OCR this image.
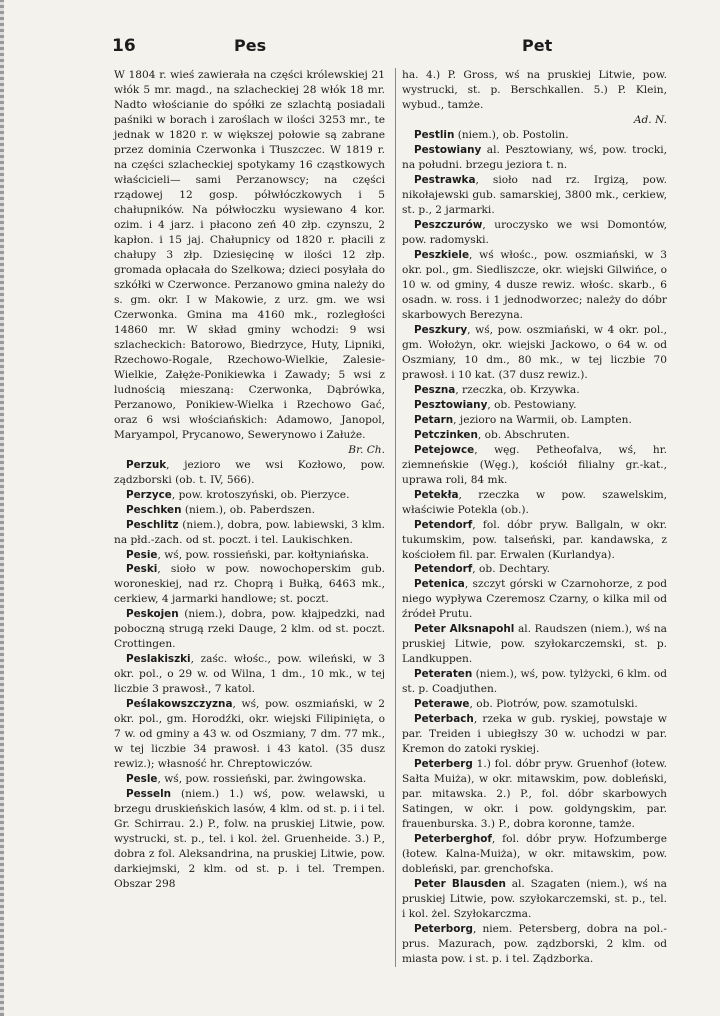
16	Pes	Pet

W 1804 r. wieś zawierała na części królewskiej 21 włók 5 mr. magd., na szlacheckiej 28 włók 18 mr. Nadto włościanie do spółki ze szlachtą posiadali paśniki w borach i zaroślach w ilości 3253 mr., te jednak w 1820 r. w większej połowie są zabrane przez dominia Czerwonka i Tłuszczec. W 1819 r. na części szlacheckiej spotykamy 16 cząstkowych właścicieli— sami Perzanowscy; na części rządowej 12 gosp. półwłóczkowych i 5 chałupników. Na półwłoczku wysiewano 4 kor. ozim. i 4 jarz. i płacono zeń 40 złp. czynszu, 2 kapłon. i 15 jaj. Chałupnicy od 1820 r. płacili z chałupy 3 złp. Dziesięcinę w ilości 12 złp. gromada opłacała do Szelkowa; dzieci posyłała do szkółki w Czerwonce. Perzanowo gmina należy do s. gm. okr. I w Makowie, z urz. gm. we wsi Czerwonka. Gmina ma 4160 mk., rozległości 14860 mr. W skład gminy wchodzi: 9 wsi szlacheckich: Batorowo, Biedrzyce, Huty, Lipniki, Rzechowo-Rogale, Rzechowo-Wielkie, Zalesie-Wielkie, Załęże-Ponikiewka i Zawady; 5 wsi z ludnością mieszaną: Czerwonka, Dąbrówka, Perzanowo, Ponikiew-Wielka i Rzechowo Gać, oraz 6 wsi włościańskich: Adamowo, Janopol, Maryampol, Prycanowo, Sewerynowo i Załuże.
Br. Ch.

Perzuk, jezioro we wsi Kozłowo, pow. ządzborski (ob. t. IV, 566).

Perzyce, pow. krotoszyński, ob. Pierzyce.

Peschken (niem.), ob. Paberdszen.

Peschlitz (niem.), dobra, pow. labiewski, 3 klm. na płd.-zach. od st. poczt. i tel. Laukischken.

Pesie, wś, pow. rossieński, par. kołtyniańska.

Peski, sioło w pow. nowochoperskim gub. woroneskiej, nad rz. Choprą i Bułką, 6463 mk., cerkiew, 4 jarmarki handlowe; st. poczt.

Peskojen (niem.), dobra, pow. kłajpedzki, nad poboczną strugą rzeki Dauge, 2 klm. od st. poczt. Crottingen.

Peslakiszki, zaśc. włośc., pow. wileński, w 3 okr. pol., o 29 w. od Wilna, 1 dm., 10 mk., w tej liczbie 3 prawosł., 7 katol.

Peślakowszczyzna, wś, pow. oszmiański, w 2 okr. pol., gm. Horodźki, okr. wiejski Filipinięta, o 7 w. od gminy a 43 w. od Oszmiany, 7 dm. 77 mk., w tej liczbie 34 prawosł. i 43 katol. (35 dusz rewiz.); własność hr. Chreptowiczów.

Pesle, wś, pow. rossieński, par. żwingowska.

Pesseln (niem.) 1.) wś, pow. welawski, u brzegu druskieńskich lasów, 4 klm. od st. p. i i tel. Gr. Schirrau. 2.) P., folw. na pruskiej Litwie, pow. wystrucki, st. p., tel. i kol. żel. Gruenheide. 3.) P., dobra z fol. Aleksandrina, na pruskiej Litwie, pow. darkiejmski, 2 klm. od st. p. i tel. Trempen. Obszar 298

ha. 4.) P. Gross, wś na pruskiej Litwie, pow. wystrucki, st. p. Berschkallen. 5.) P. Klein, wybud., tamże.
Ad. N.

Pestlin (niem.), ob. Postolin.

Pestowiany al. Pesztowiany, wś, pow. trocki, na południ. brzegu jeziora t. n.

Pestrawka, sioło nad rz. Irgizą, pow. nikołajewski gub. samarskiej, 3800 mk., cerkiew, st. p., 2 jarmarki.

Peszczurów, uroczysko we wsi Domontów, pow. radomyski.

Peszkiele, wś włośc., pow. oszmiański, w 3 okr. pol., gm. Siedliszcze, okr. wiejski Gilwińce, o 10 w. od gminy, 4 dusze rewiz. włośc. skarb., 6 osadn. w. ross. i 1 jednodworzec; należy do dóbr skarbowych Berezyna.

Peszkury, wś, pow. oszmiański, w 4 okr. pol., gm. Wołożyn, okr. wiejski Jackowo, o 64 w. od Oszmiany, 10 dm., 80 mk., w tej liczbie 70 prawosł. i 10 kat. (37 dusz rewiz.).

Peszna, rzeczka, ob. Krzywka.

Pesztowiany, ob. Pestowiany.

Petarn, jezioro na Warmii, ob. Lampten.

Petczinken, ob. Abschruten.

Petejowce, węg. Petheofalva, wś, hr. ziemneńskie (Węg.), kościół filialny gr.-kat., uprawa roli, 84 mk.

Petekła, rzeczka w pow. szawelskim, właściwie Potekla (ob.).

Petendorf, fol. dóbr pryw. Ballgaln, w okr. tukumskim, pow. talseński, par. kandawska, z kościołem fil. par. Erwalen (Kurlandya).

Petendorf, ob. Dechtary.

Petenica, szczyt górski w Czarnohorze, z pod niego wypływa Czeremosz Czarny, o kilka mil od źródeł Prutu.

Peter Alksnapohl al. Raudszen (niem.), wś na pruskiej Litwie, pow. szyłokarczemski, st. p. Landkuppen.

Peteraten (niem.), wś, pow. tylżycki, 6 klm. od st. p. Coadjuthen.

Peterawe, ob. Piotrów, pow. szamotulski.

Peterbach, rzeka w gub. ryskiej, powstaje w par. Treiden i ubiegłszy 30 w. uchodzi w par. Kremon do zatoki ryskiej.

Peterberg 1.) fol. dóbr pryw. Gruenhof (łotew. Sałta Muiża), w okr. mitawskim, pow. dobleński, par. mitawska. 2.) P., fol. dóbr skarbowych Satingen, w okr. i pow. goldyngskim, par. frauenburska. 3.) P., dobra koronne, tamże.

Peterberghof, fol. dóbr pryw. Hofzumberge (łotew. Kalna-Muiża), w okr. mitawskim, pow. dobleński, par. grenchofska.

Peter Blausden al. Szagaten (niem.), wś na pruskiej Litwie, pow. szyłokarczemski, st. p., tel. i kol. żel. Szyłokarczma.

Peterborg, niem. Petersberg, dobra na pol.-prus. Mazurach, pow. ządzborski, 2 klm. od miasta pow. i st. p. i tel. Ządzborka.
